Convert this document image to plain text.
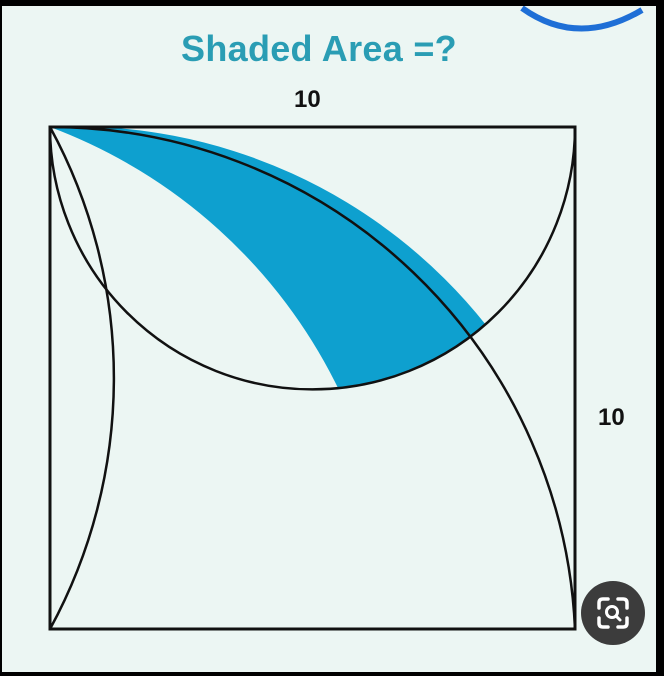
Shaded Area =?
10
10
